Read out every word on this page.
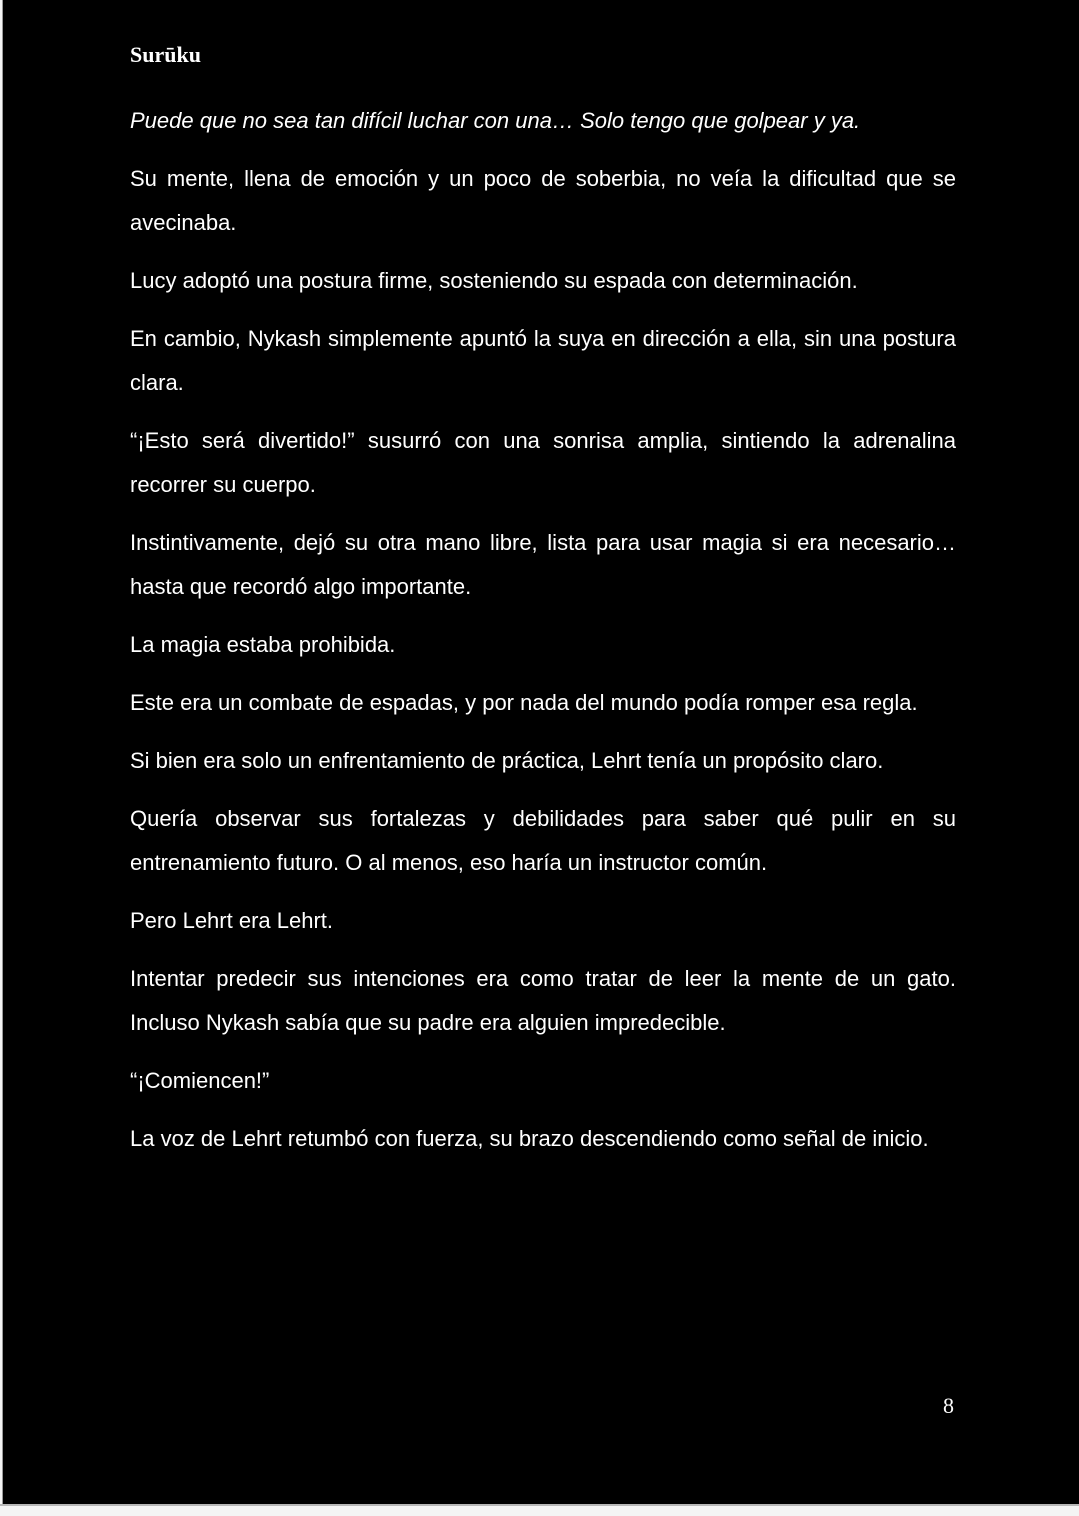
Surūku

Puede que no sea tan difícil luchar con una… Solo tengo que golpear y ya.

Su mente, llena de emoción y un poco de soberbia, no veía la dificultad que se avecinaba.

Lucy adoptó una postura firme, sosteniendo su espada con determinación.

En cambio, Nykash simplemente apuntó la suya en dirección a ella, sin una postura clara.

“¡Esto será divertido!” susurró con una sonrisa amplia, sintiendo la adrenalina recorrer su cuerpo.

Instintivamente, dejó su otra mano libre, lista para usar magia si era necesario… hasta que recordó algo importante.

La magia estaba prohibida.

Este era un combate de espadas, y por nada del mundo podía romper esa regla.

Si bien era solo un enfrentamiento de práctica, Lehrt tenía un propósito claro.

Quería observar sus fortalezas y debilidades para saber qué pulir en su entrenamiento futuro. O al menos, eso haría un instructor común.

Pero Lehrt era Lehrt.

Intentar predecir sus intenciones era como tratar de leer la mente de un gato. Incluso Nykash sabía que su padre era alguien impredecible.

“¡Comiencen!”

La voz de Lehrt retumbó con fuerza, su brazo descendiendo como señal de inicio.

8
